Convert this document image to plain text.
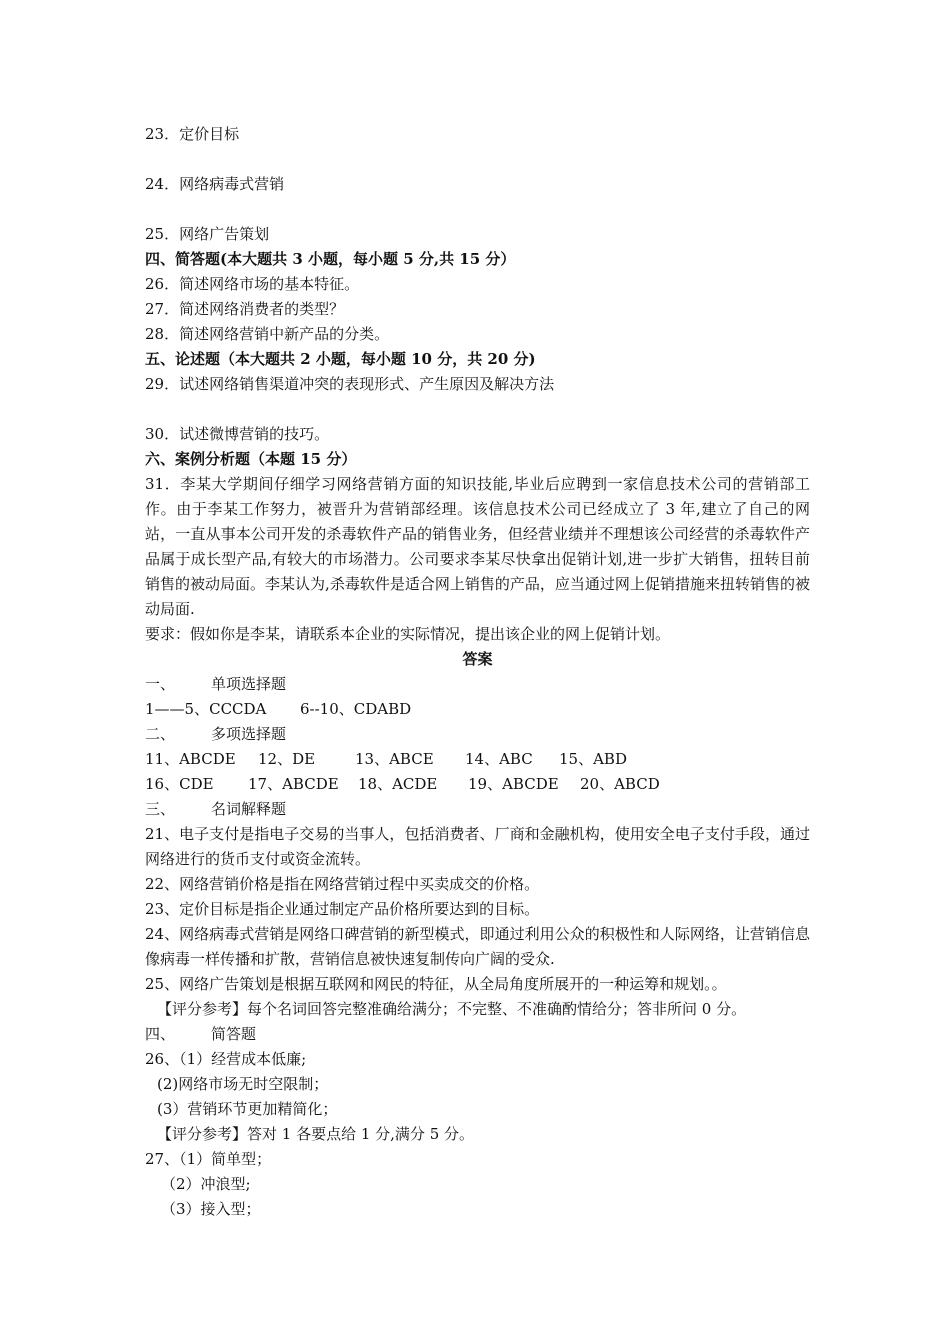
23．定价目标
24．网络病毒式营销
25．网络广告策划
四、简答题(本大题共 3 小题，每小题 5 分,共 15 分）
26．简述网络市场的基本特征。
27．简述网络消费者的类型？
28．简述网络营销中新产品的分类。
五、论述题（本大题共 2 小题，每小题 10 分，共 20 分)
29．试述网络销售渠道冲突的表现形式、产生原因及解决方法
30．试述微博营销的技巧。
六、案例分析题（本题 15 分）
31．李某大学期间仔细学习网络营销方面的知识技能,毕业后应聘到一家信息技术公司的营销部工作。由于李某工作努力，被晋升为营销部经理。该信息技术公司已经成立了 3 年,建立了自己的网站，一直从事本公司开发的杀毒软件产品的销售业务，但经营业绩并不理想该公司经营的杀毒软件产品属于成长型产品,有较大的市场潜力。公司要求李某尽快拿出促销计划,进一步扩大销售，扭转目前销售的被动局面。李某认为,杀毒软件是适合网上销售的产品，应当通过网上促销措施来扭转销售的被动局面.
要求：假如你是李某，请联系本企业的实际情况，提出该企业的网上促销计划。
答案
一、 单项选择题
1——5、CCCDA 6--10、CDABD
二、 多项选择题
11、ABCDE 12、DE	13、ABCE 14、ABC 15、ABD
16、CDE 17、ABCDE 18、ACDE 19、ABCDE 20、ABCD
三、 名词解释题
21、电子支付是指电子交易的当事人，包括消费者、厂商和金融机构，使用安全电子支付手段，通过网络进行的货币支付或资金流转。
22、网络营销价格是指在网络营销过程中买卖成交的价格。
23、定价目标是指企业通过制定产品价格所要达到的目标。
24、网络病毒式营销是网络口碑营销的新型模式，即通过利用公众的积极性和人际网络，让营销信息像病毒一样传播和扩散，营销信息被快速复制传向广阔的受众.
25、网络广告策划是根据互联网和网民的特征，从全局角度所展开的一种运筹和规划。。
【评分参考】每个名词回答完整准确给满分；不完整、不准确酌情给分；答非所问 0 分。
四、 简答题
26、（1）经营成本低廉;
(2)网络市场无时空限制；
(3）营销环节更加精简化；
【评分参考】答对 1 各要点给 1 分,满分 5 分。
27、（1）简单型；
（2）冲浪型;
（3）接入型；
